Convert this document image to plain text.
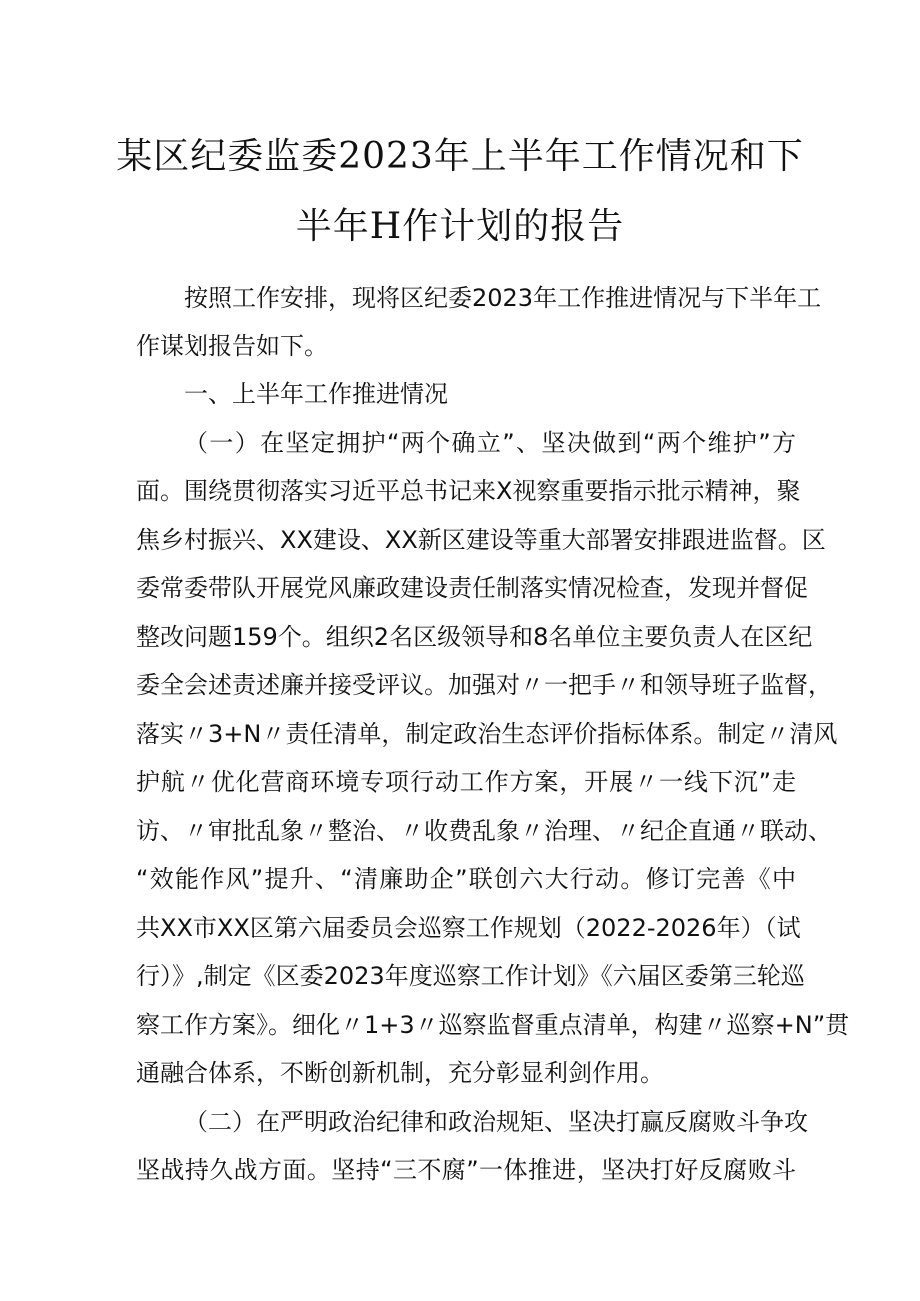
某区纪委监委2023年上半年工作情况和下
半年H作计划的报告

按照工作安排，现将区纪委2023年工作推进情况与下半年工

作谋划报告如下。

一、上半年工作推进情况

（一）在坚定拥护“两个确立”、坚决做到“两个维护”方

面。围绕贯彻落实习近平总书记来X视察重要指示批示精神，聚

焦乡村振兴、XX建设、XX新区建设等重大部署安排跟进监督。区

委常委带队开展党风廉政建设责任制落实情况检查，发现并督促

整改问题159个。组织2名区级领导和8名单位主要负责人在区纪

委全会述责述廉并接受评议。加强对〃一把手〃和领导班子监督，

落实〃3+N〃责任清单，制定政治生态评价指标体系。制定〃清风

护航〃优化营商环境专项行动工作方案，开展〃一线下沉”走

访、〃审批乱象〃整治、〃收费乱象〃治理、〃纪企直通〃联动、

“效能作风”提升、“清廉助企”联创六大行动。修订完善《中

共XX市XX区第六届委员会巡察工作规划（2022-2026年）（试

行）》,制定《区委2023年度巡察工作计划》《六届区委第三轮巡

察工作方案》。细化〃1+3〃巡察监督重点清单，构建〃巡察+N”贯

通融合体系，不断创新机制，充分彰显利剑作用。

（二）在严明政治纪律和政治规矩、坚决打赢反腐败斗争攻

坚战持久战方面。坚持“三不腐”一体推进，坚决打好反腐败斗
